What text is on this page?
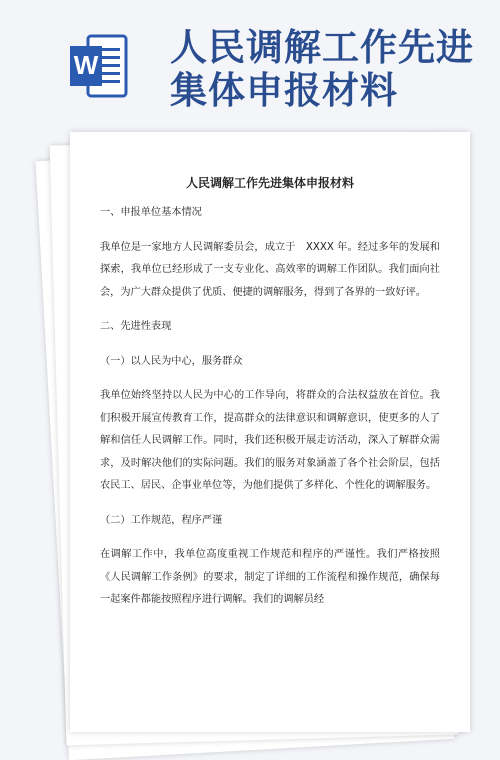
W 人民调解工作先进
集体申报材料

人民调解工作先进集体申报材料

一、申报单位基本情况

我单位是一家地方人民调解委员会，成立于　XXXX 年。经过多年的发展和探索，我单位已经形成了一支专业化、高效率的调解工作团队。我们面向社会，为广大群众提供了优质、便捷的调解服务，得到了各界的一致好评。

二、先进性表现

（一）以人民为中心，服务群众

我单位始终坚持以人民为中心的工作导向，将群众的合法权益放在首位。我们积极开展宣传教育工作，提高群众的法律意识和调解意识，使更多的人了解和信任人民调解工作。同时，我们还积极开展走访活动，深入了解群众需求，及时解决他们的实际问题。我们的服务对象涵盖了各个社会阶层，包括农民工、居民、企事业单位等，为他们提供了多样化、个性化的调解服务。

（二）工作规范，程序严谨

在调解工作中，我单位高度重视工作规范和程序的严谨性。我们严格按照《人民调解工作条例》的要求，制定了详细的工作流程和操作规范，确保每一起案件都能按照程序进行调解。我们的调解员经
